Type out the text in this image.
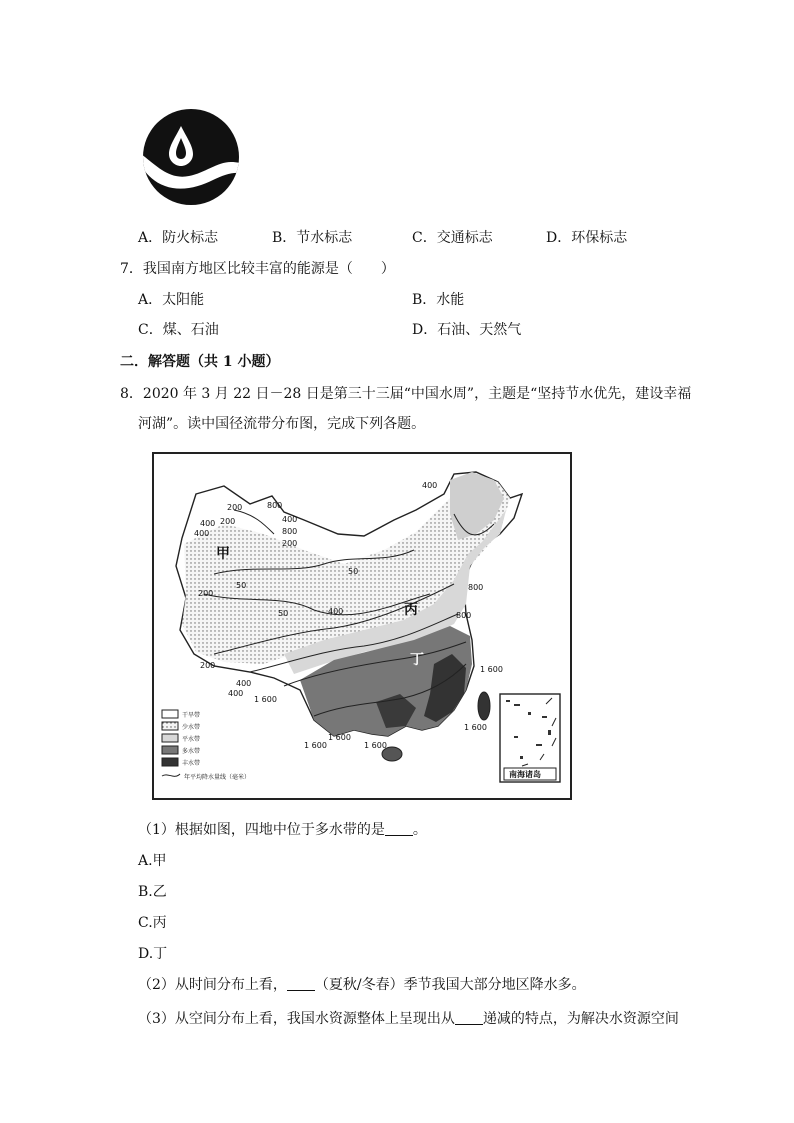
A．防火标志	B．节水标志	C．交通标志	D．环保标志
7．我国南方地区比较丰富的能源是（　　）
A．太阳能	B．水能
C．煤、石油	D．石油、天然气
二．解答题（共 1 小题）
8．2020 年 3 月 22 日－28 日是第三十三届“中国水周”，主题是“坚持节水优先，建设幸福
河湖”。读中国径流带分布图，完成下列各题。
400
800
200
400
200
800
400
200
400
50
50
50
800
400
200
800
400
400
200
1 600
1 600
1 600
1 600
1 600
1 600
甲
丙
丁
干旱带
少水带
平水带
多水带
丰水带
年平均降水量线（毫米）	南海诸岛
（1）根据如图，四地中位于多水带的是 。
A.甲
B.乙
C.丙
D.丁
（2）从时间分布上看， （夏秋/冬春）季节我国大部分地区降水多。
（3）从空间分布上看，我国水资源整体上呈现出从 递减的特点，为解决水资源空间
